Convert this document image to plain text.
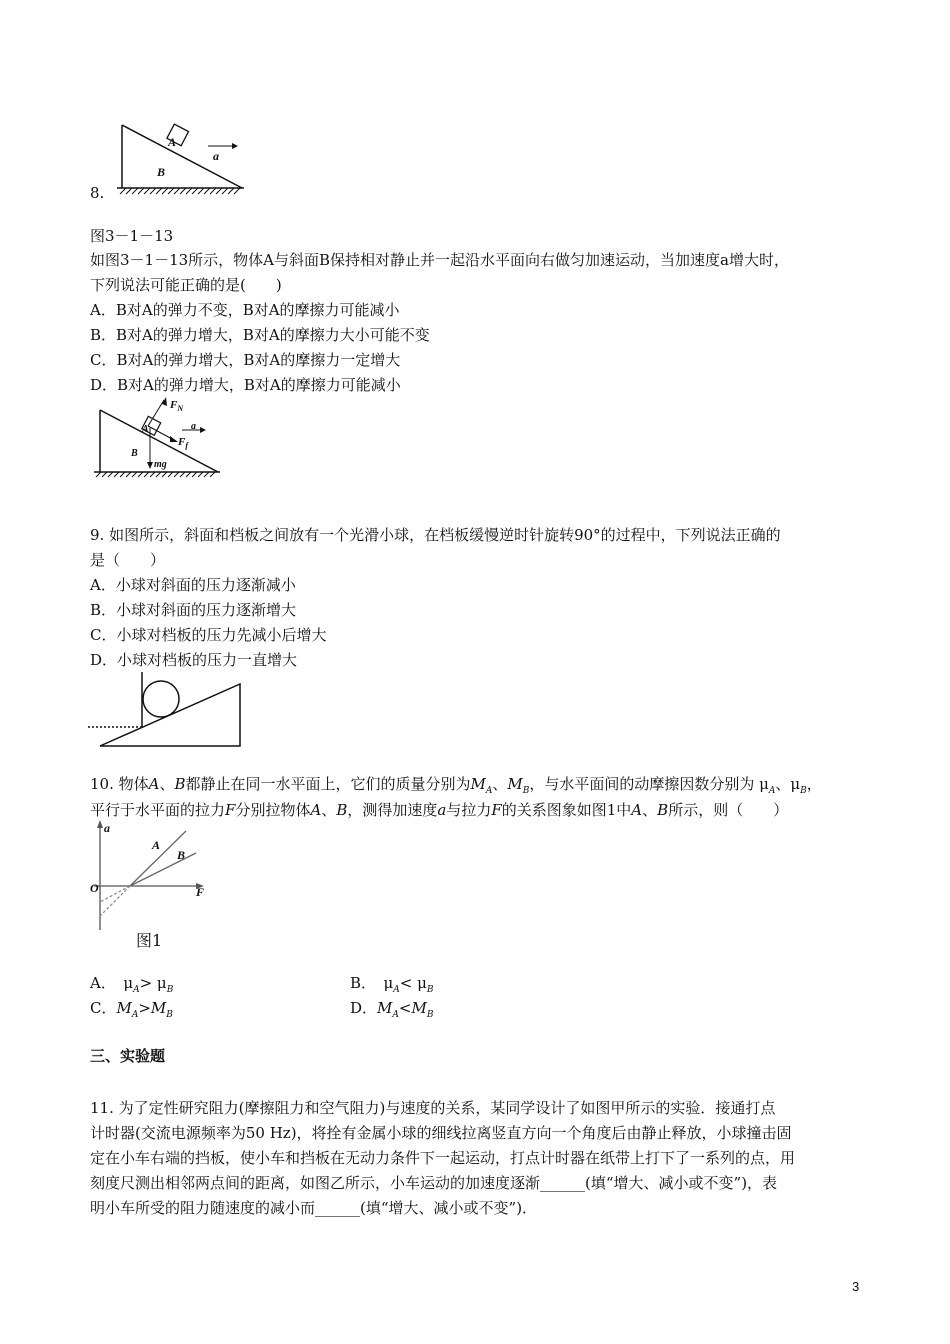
A
a
B
8.
图3－1－13
如图3－1－13所示，物体A与斜面B保持相对静止并一起沿水平面向右做匀加速运动，当加速度a增大时，
下列说法可能正确的是(　　)
A．B对A的弹力不变，B对A的摩擦力可能减小
B．B对A的弹力增大，B对A的摩擦力大小可能不变
C．B对A的弹力增大，B对A的摩擦力一定增大
D．B对A的弹力增大，B对A的摩擦力可能减小
$F_N$
A	a
$F_f$
B
mg
9. 如图所示，斜面和档板之间放有一个光滑小球，在档板缓慢逆时针旋转90°的过程中，下列说法正确的
是（　　）
A．小球对斜面的压力逐渐减小
B．小球对斜面的压力逐渐增大
C．小球对档板的压力先减小后增大
D．小球对档板的压力一直增大
10. 物体A、B都静止在同一水平面上，它们的质量分别为$M_A$、$M_B$，与水平面间的动摩擦因数分别为 $\mu_A$、$\mu_B$，
平行于水平面的拉力F分别拉物体A、B，测得加速度a与拉力F的关系图象如图1中A、B所示，则（　　）
a
A
B
O	F
图1
A．　$\mu_A> \mu_B$	B．　$\mu_A< \mu_B$
C．$M_A>M_B$	D．$M_A<M_B$
三、实验题
11. 为了定性研究阻力(摩擦阻力和空气阻力)与速度的关系，某同学设计了如图甲所示的实验．接通打点
计时器(交流电源频率为50 Hz)，将拴有金属小球的细线拉离竖直方向一个角度后由静止释放，小球撞击固
定在小车右端的挡板，使小车和挡板在无动力条件下一起运动，打点计时器在纸带上打下了一系列的点，用
刻度尺测出相邻两点间的距离，如图乙所示，小车运动的加速度逐渐______(填“增大、减小或不变”)，表
明小车所受的阻力随速度的减小而______(填“增大、减小或不变”)．
3
